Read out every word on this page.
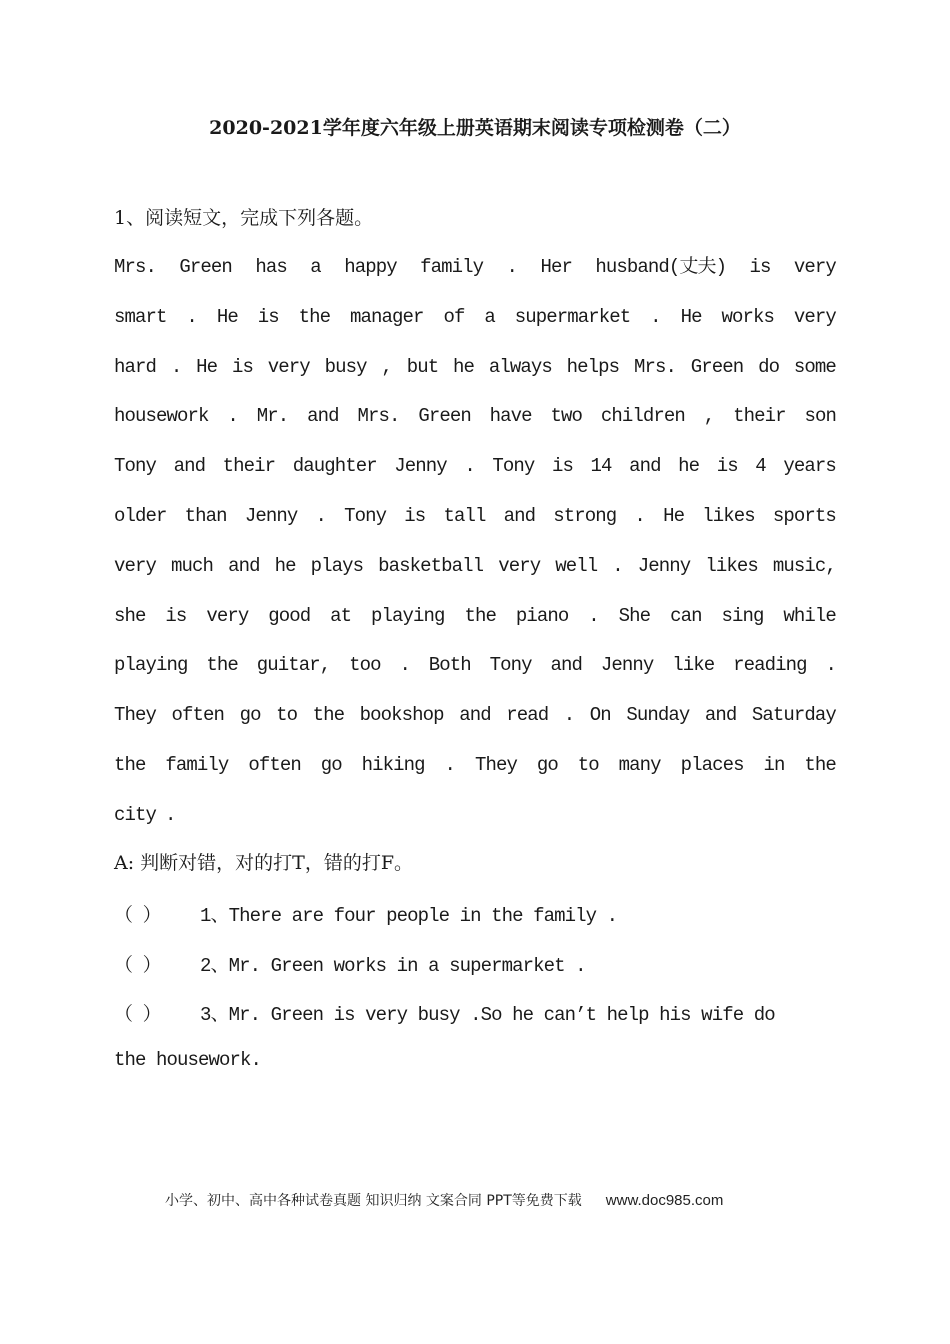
2020-2021学年度六年级上册英语期末阅读专项检测卷（二）
1、阅读短文，完成下列各题。
Mrs. Green has a happy family . Her husband(丈夫) is very
smart . He is the manager of a supermarket . He works very
hard . He is very busy , but he always helps Mrs. Green do some
housework . Mr. and Mrs. Green have two children , their son
Tony and their daughter Jenny . Tony is 14 and he is 4 years
older than Jenny . Tony is tall and strong . He likes sports
very much and he plays basketball very well . Jenny likes music,
she is very good at playing the piano . She can sing while
playing the guitar, too . Both Tony and Jenny like reading .
They often go to the bookshop and read . On Sunday and Saturday
the family often go hiking . They go to many places in the
city .
A: 判断对错，对的打T，错的打F。
（ ） 1、There are four people in the family .
（ ） 2、Mr. Green works in a supermarket .
（ ） 3、Mr. Green is very busy .So he can’t help his wife do
the housework.
小学、初中、高中各种试卷真题 知识归纳 文案合同 PPT等免费下载 www.doc985.com
